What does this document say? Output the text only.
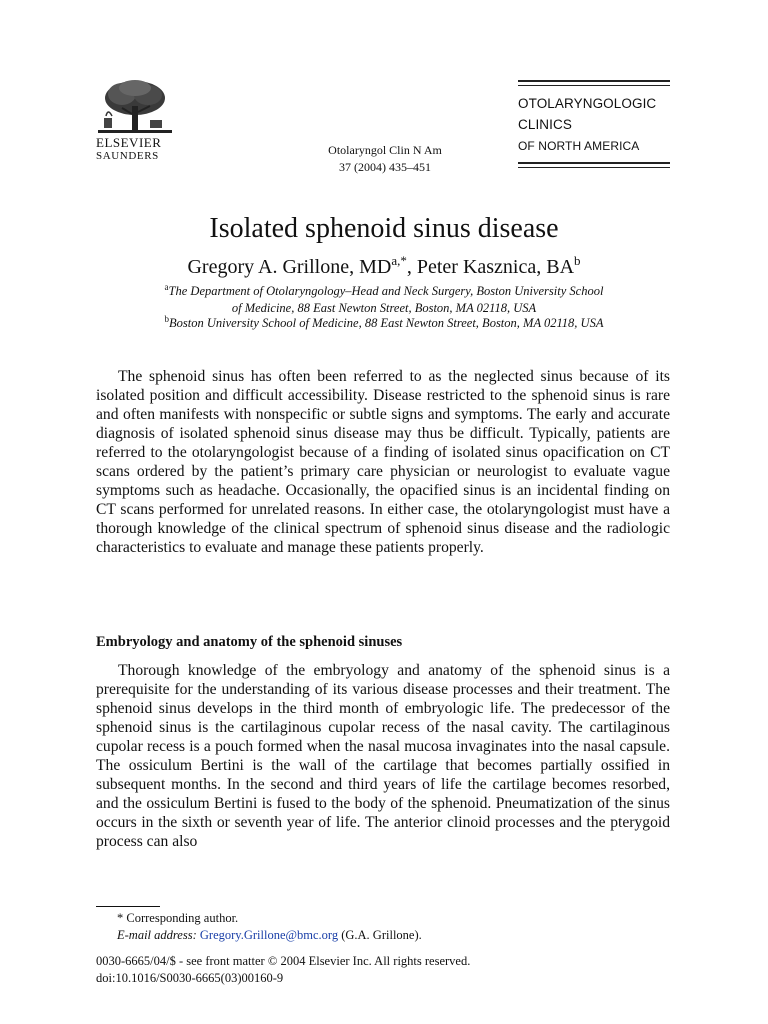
ELSEVIER
SAUNDERS	Otolaryngol Clin N Am
37 (2004) 435–451
OTOLARYNGOLOGIC
CLINICS
OF NORTH AMERICA
Isolated sphenoid sinus disease
Gregory A. Grillone, $MD^{a,*}$, Peter Kasznica, $BA^b$
$^a$The Department of Otolaryngology–Head and Neck Surgery, Boston University School
of Medicine, 88 East Newton Street, Boston, MA 02118, USA
$^b$Boston University School of Medicine, 88 East Newton Street, Boston, MA 02118, USA
The sphenoid sinus has often been referred to as the neglected sinus because of its isolated position and difficult accessibility. Disease restricted to the sphenoid sinus is rare and often manifests with nonspecific or subtle signs and symptoms. The early and accurate diagnosis of isolated sphenoid sinus disease may thus be difficult. Typically, patients are referred to the otolaryngologist because of a finding of isolated sinus opacification on CT scans ordered by the patient’s primary care physician or neurologist to evaluate vague symptoms such as headache. Occasionally, the opacified sinus is an incidental finding on CT scans performed for unrelated reasons. In either case, the otolaryngologist must have a thorough knowledge of the clinical spectrum of sphenoid sinus disease and the radiologic characteristics to evaluate and manage these patients properly.
Embryology and anatomy of the sphenoid sinuses
Thorough knowledge of the embryology and anatomy of the sphenoid sinus is a prerequisite for the understanding of its various disease processes and their treatment. The sphenoid sinus develops in the third month of embryologic life. The predecessor of the sphenoid sinus is the cartilaginous cupolar recess of the nasal cavity. The cartilaginous cupolar recess is a pouch formed when the nasal mucosa invaginates into the nasal capsule. The ossiculum Bertini is the wall of the cartilage that becomes partially ossified in subsequent months. In the second and third years of life the cartilage becomes resorbed, and the ossiculum Bertini is fused to the body of the sphenoid. Pneumatization of the sinus occurs in the sixth or seventh year of life. The anterior clinoid processes and the pterygoid process can also
* Corresponding author.
E-mail address: Gregory.Grillone@bmc.org (G.A. Grillone).
0030-6665/04/$ - see front matter © 2004 Elsevier Inc. All rights reserved.
doi:10.1016/S0030-6665(03)00160-9
